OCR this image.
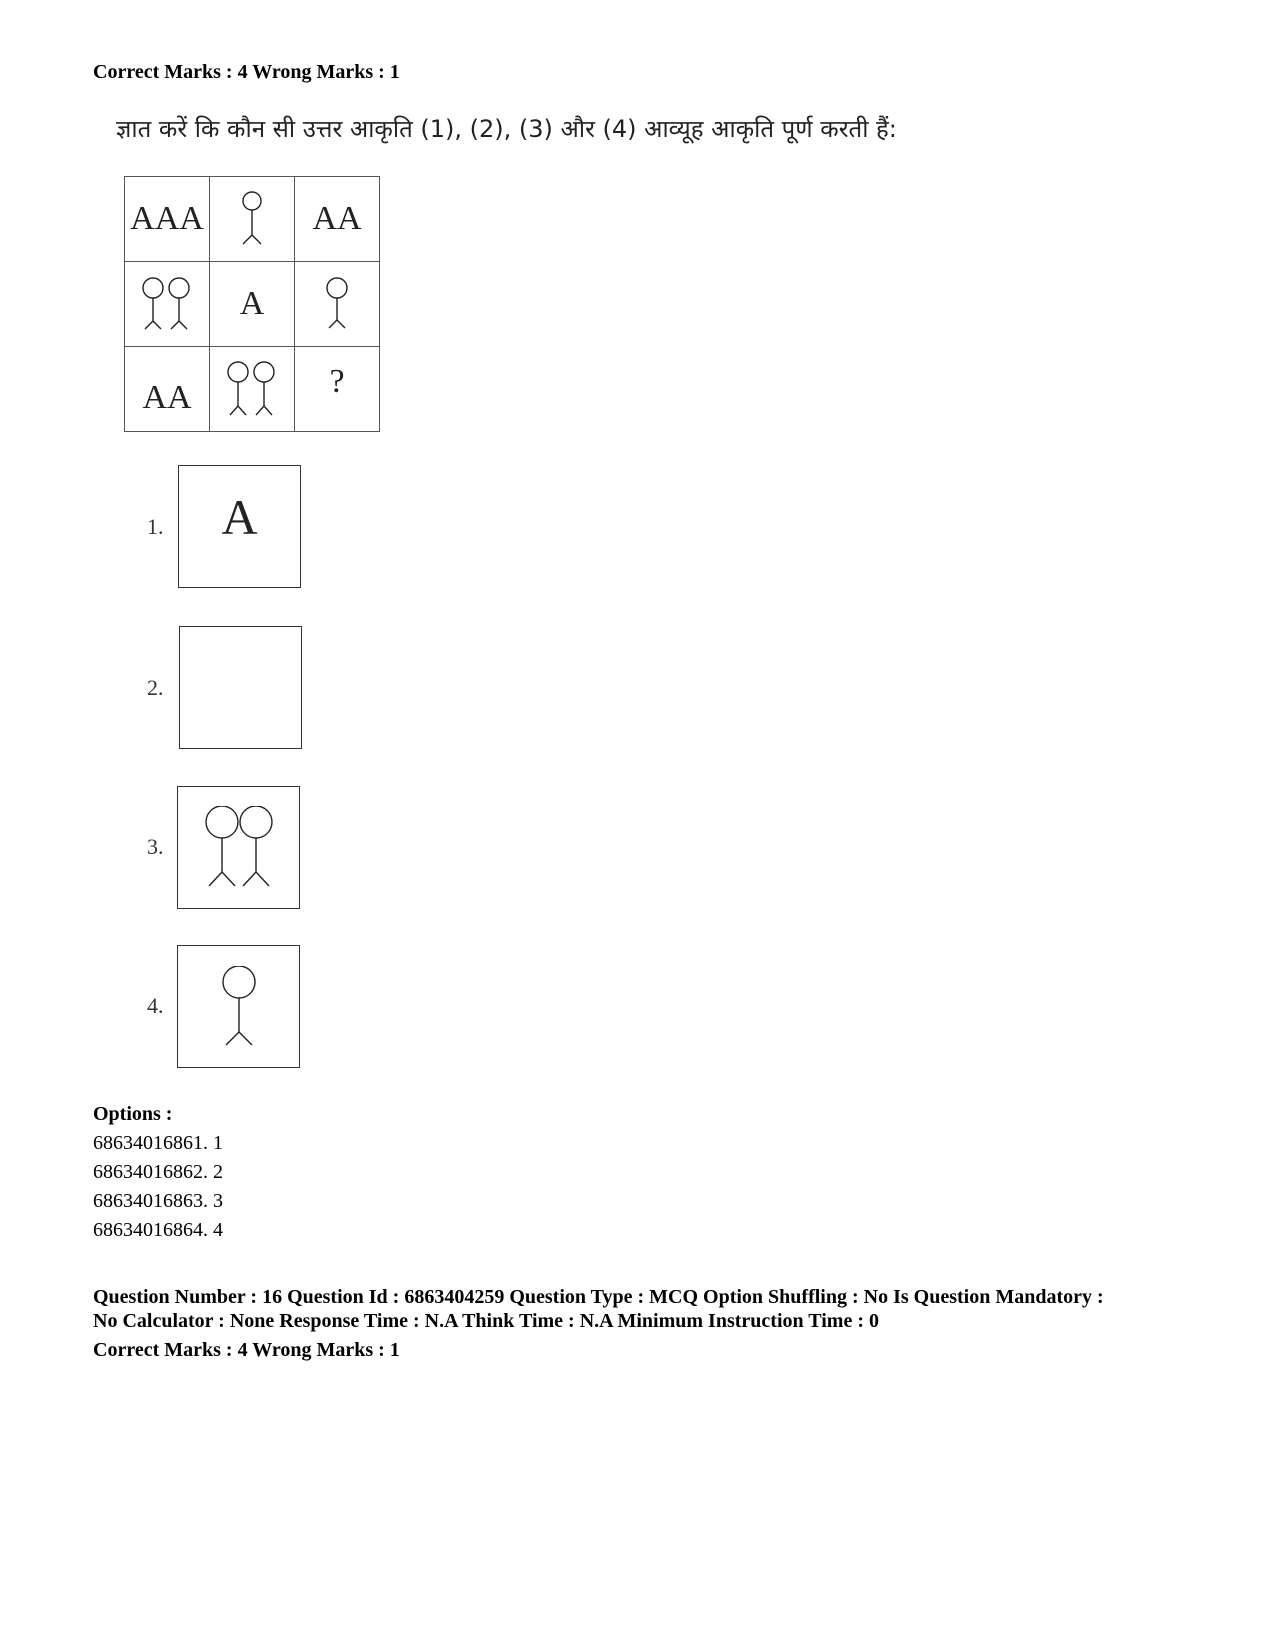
Correct Marks : 4 Wrong Marks : 1
ज्ञात करें कि कौन सी उत्तर आकृति (1), (2), (3) और (4) आव्यूह आकृति पूर्ण करती हैं:
AAA	AA
A
AA	?
1. A
2.
3.
4.
Options :
68634016861. 1
68634016862. 2
68634016863. 3
68634016864. 4
Question Number : 16 Question Id : 6863404259 Question Type : MCQ Option Shuffling : No Is Question Mandatory :
No Calculator : None Response Time : N.A Think Time : N.A Minimum Instruction Time : 0
Correct Marks : 4 Wrong Marks : 1
